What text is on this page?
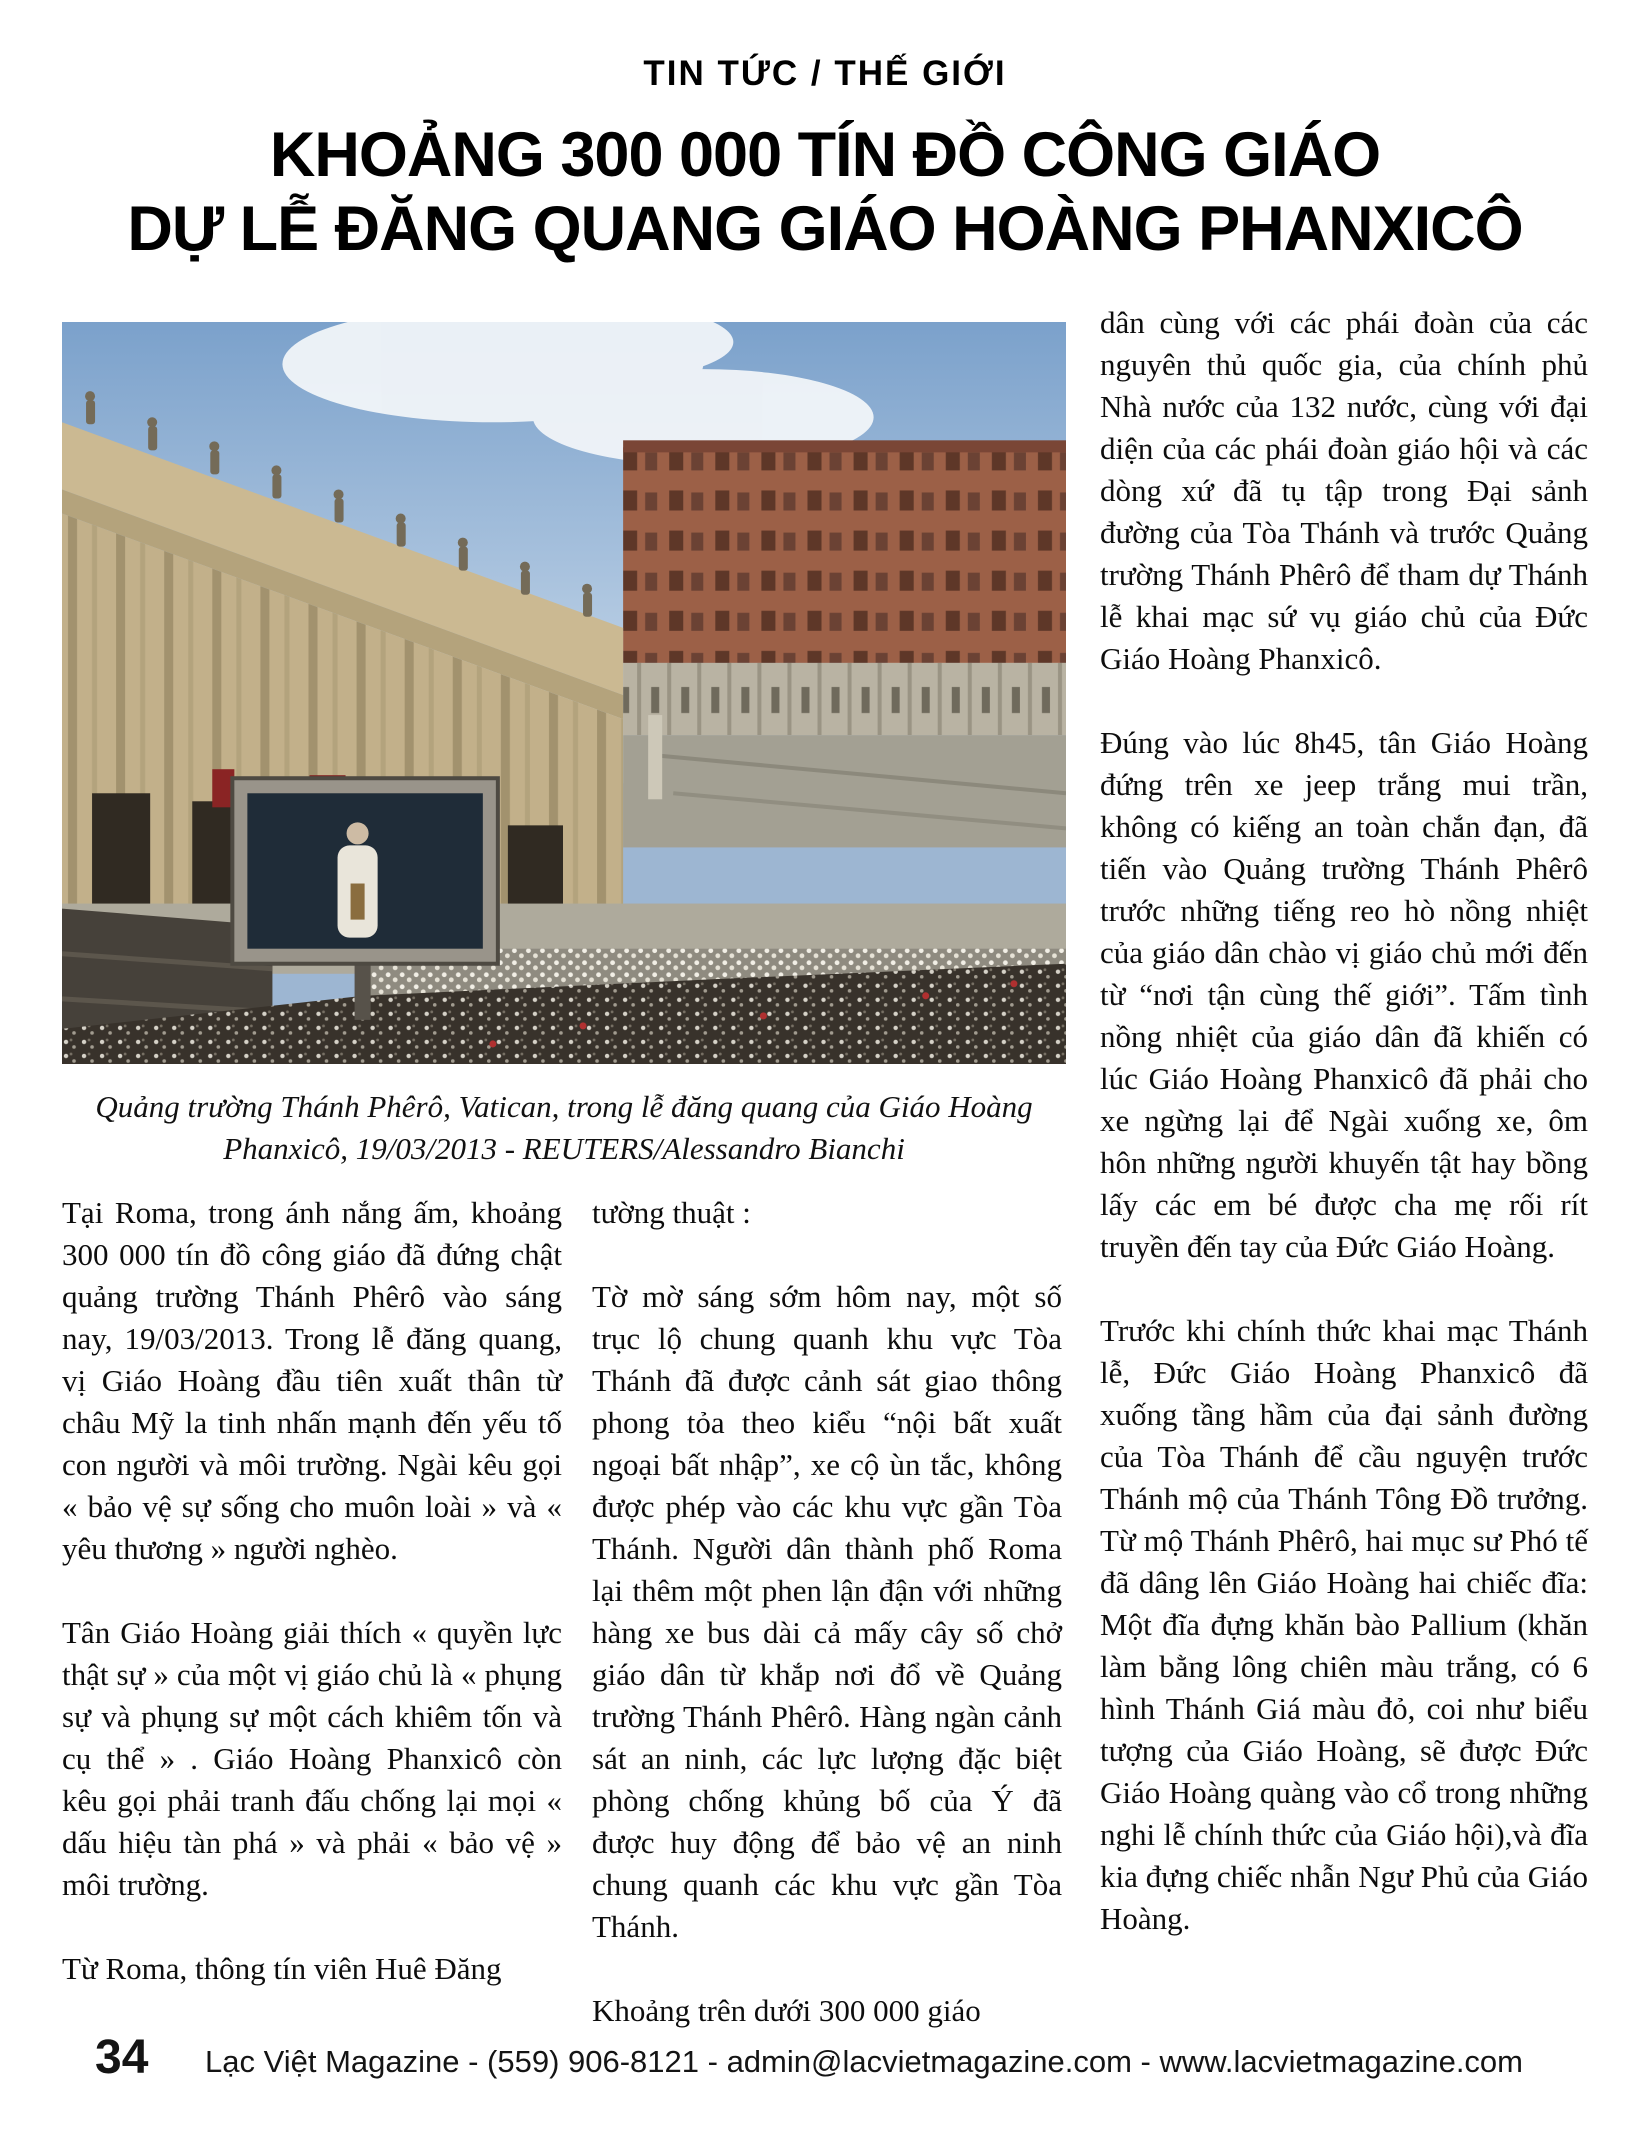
TIN TỨC / THẾ GIỚI
KHOẢNG 300 000 TÍN ĐỒ CÔNG GIÁO
DỰ LỄ ĐĂNG QUANG GIÁO HOÀNG PHANXICÔ
Quảng trường Thánh Phêrô, Vatican, trong lễ đăng quang của Giáo Hoàng
Phanxicô, 19/03/2013 - REUTERS/Alessandro Bianchi

Tại Roma, trong ánh nắng ấm, khoảng 300 000 tín đồ công giáo đã đứng chật quảng trường Thánh Phêrô vào sáng nay, 19/03/2013. Trong lễ đăng quang, vị Giáo Hoàng đầu tiên xuất thân từ châu Mỹ la tinh nhấn mạnh đến yếu tố con người và môi trường. Ngài kêu gọi « bảo vệ sự sống cho muôn loài » và « yêu thương » người nghèo.

Tân Giáo Hoàng giải thích « quyền lực thật sự » của một vị giáo chủ là « phụng sự và phụng sự một cách khiêm tốn và cụ thể » . Giáo Hoàng Phanxicô còn kêu gọi phải tranh đấu chống lại mọi « dấu hiệu tàn phá » và phải « bảo vệ » môi trường.

Từ Roma, thông tín viên Huê Đăng

tường thuật :

Tờ mờ sáng sớm hôm nay, một số trục lộ chung quanh khu vực Tòa Thánh đã được cảnh sát giao thông phong tỏa theo kiểu “nội bất xuất ngoại bất nhập”, xe cộ ùn tắc, không được phép vào các khu vực gần Tòa Thánh. Người dân thành phố Roma lại thêm một phen lận đận với những hàng xe bus dài cả mấy cây số chở giáo dân từ khắp nơi đổ về Quảng trường Thánh Phêrô. Hàng ngàn cảnh sát an ninh, các lực lượng đặc biệt phòng chống khủng bố của Ý đã được huy động để bảo vệ an ninh chung quanh các khu vực gần Tòa Thánh.

Khoảng trên dưới 300 000 giáo

dân cùng với các phái đoàn của các nguyên thủ quốc gia, của chính phủ Nhà nước của 132 nước, cùng với đại diện của các phái đoàn giáo hội và các dòng xứ đã tụ tập trong Đại sảnh đường của Tòa Thánh và trước Quảng trường Thánh Phêrô để tham dự Thánh lễ khai mạc sứ vụ giáo chủ của Đức Giáo Hoàng Phanxicô.

Đúng vào lúc 8h45, tân Giáo Hoàng đứng trên xe jeep trắng mui trần, không có kiếng an toàn chắn đạn, đã tiến vào Quảng trường Thánh Phêrô trước những tiếng reo hò nồng nhiệt của giáo dân chào vị giáo chủ mới đến từ “nơi tận cùng thế giới”. Tấm tình nồng nhiệt của giáo dân đã khiến có lúc Giáo Hoàng Phanxicô đã phải cho xe ngừng lại để Ngài xuống xe, ôm hôn những người khuyến tật hay bồng lấy các em bé được cha mẹ rối rít truyền đến tay của Đức Giáo Hoàng.

Trước khi chính thức khai mạc Thánh lễ, Đức Giáo Hoàng Phanxicô đã xuống tầng hầm của đại sảnh đường của Tòa Thánh để cầu nguyện trước Thánh mộ của Thánh Tông Đồ trưởng. Từ mộ Thánh Phêrô, hai mục sư Phó tế đã dâng lên Giáo Hoàng hai chiếc đĩa: Một đĩa đựng khăn bào Pallium (khăn làm bằng lông chiên màu trắng, có 6 hình Thánh Giá màu đỏ, coi như biểu tượng của Giáo Hoàng, sẽ được Đức Giáo Hoàng quàng vào cổ trong những nghi lễ chính thức của Giáo hội),và đĩa kia đựng chiếc nhẫn Ngư Phủ của Giáo Hoàng.

34 Lạc Việt Magazine - (559) 906-8121 - admin@lacvietmagazine.com - www.lacvietmagazine.com
